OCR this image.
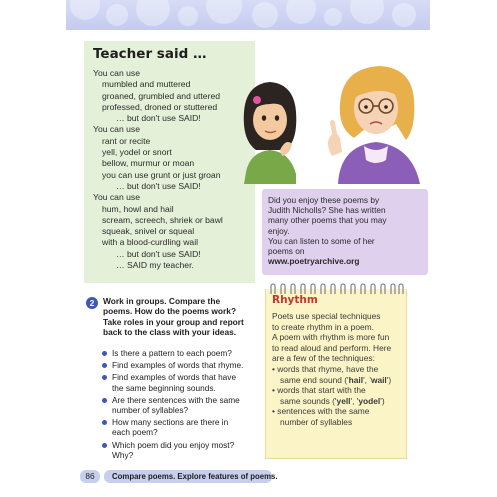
Teacher said …
You can use
mumbled and muttered
groaned, grumbled and uttered
professed, droned or stuttered
… but don't use SAID!
You can use
rant or recite
yell, yodel or snort
bellow, murmur or moan
you can use grunt or just groan
… but don't use SAID!
You can use
hum, howl and hail
scream, screech, shriek or bawl
squeak, snivel or squeal
with a blood-curdling wail
… but don't use SAID!
… SAID my teacher.
Did you enjoy these poems by
Judith Nicholls? She has written
many other poems that you may
enjoy.
You can listen to some of her
poems on
www.poetryarchive.org
2	Work in groups. Compare the
poems. How do the poems work?
Take roles in your group and report
back to the class with your ideas.
Is there a pattern to each poem?
Find examples of words that rhyme.
Find examples of words that have
the same beginning sounds.
Are there sentences with the same
number of syllables?
How many sections are there in
each poem?
Which poem did you enjoy most?
Why?
Rhythm
Poets use special techniques
to create rhythm in a poem.
A poem with rhythm is more fun
to read aloud and perform. Here
are a few of the techniques:
• words that rhyme, have the
same end sound ('hail', 'wail')
• words that start with the
same sounds ('yell', 'yodel')
• sentences with the same
number of syllables
86	Compare poems. Explore features of poems.
